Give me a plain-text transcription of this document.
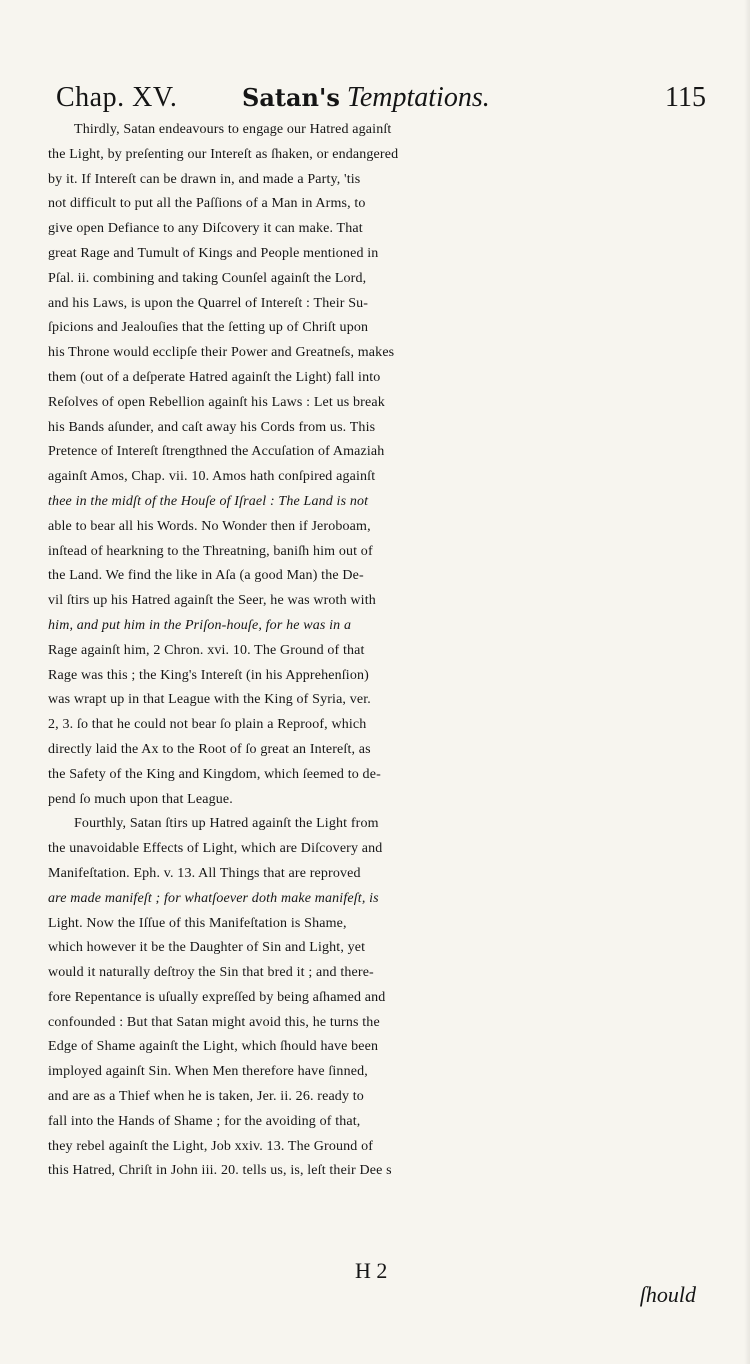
Chap. XV.	Satan's Temptations.	115
Thirdly, Satan endeavours to engage our Hatred againſt
the Light, by preſenting our Intereſt as ſhaken, or endangered
by it. If Intereſt can be drawn in, and made a Party, 'tis
not difficult to put all the Paſſions of a Man in Arms, to
give open Defiance to any Diſcovery it can make. That
great Rage and Tumult of Kings and People mentioned in
Pſal. ii. combining and taking Counſel againſt the Lord,
and his Laws, is upon the Quarrel of Intereſt : Their Su-
ſpicions and Jealouſies that the ſetting up of Chriſt upon
his Throne would ecclipſe their Power and Greatneſs, makes
them (out of a deſperate Hatred againſt the Light) fall into
Reſolves of open Rebellion againſt his Laws : Let us break
his Bands aſunder, and caſt away his Cords from us. This
Pretence of Intereſt ſtrengthned the Accuſation of Amaziah
againſt Amos, Chap. vii. 10. Amos hath conſpired againſt
thee in the midſt of the Houſe of Iſrael : The Land is not
able to bear all his Words. No Wonder then if Jeroboam,
inſtead of hearkning to the Threatning, baniſh him out of
the Land. We find the like in Aſa (a good Man) the De-
vil ſtirs up his Hatred againſt the Seer, he was wroth with
him, and put him in the Priſon-houſe, for he was in a
Rage againſt him, 2 Chron. xvi. 10. The Ground of that
Rage was this ; the King's Intereſt (in his Apprehenſion)
was wrapt up in that League with the King of Syria, ver.
2, 3. ſo that he could not bear ſo plain a Reproof, which
directly laid the Ax to the Root of ſo great an Intereſt, as
the Safety of the King and Kingdom, which ſeemed to de-
pend ſo much upon that League.
Fourthly, Satan ſtirs up Hatred againſt the Light from
the unavoidable Effects of Light, which are Diſcovery and
Manifeſtation. Eph. v. 13. All Things that are reproved
are made manifeſt ; for whatſoever doth make manifeſt, is
Light. Now the Iſſue of this Manifeſtation is Shame,
which however it be the Daughter of Sin and Light, yet
would it naturally deſtroy the Sin that bred it ; and there-
fore Repentance is uſually expreſſed by being aſhamed and
confounded : But that Satan might avoid this, he turns the
Edge of Shame againſt the Light, which ſhould have been
imployed againſt Sin. When Men therefore have ſinned,
and are as a Thief when he is taken, Jer. ii. 26. ready to
fall into the Hands of Shame ; for the avoiding of that,
they rebel againſt the Light, Job xxiv. 13. The Ground of
this Hatred, Chriſt in John iii. 20. tells us, is, leſt their Dee s
H 2
ſhould
